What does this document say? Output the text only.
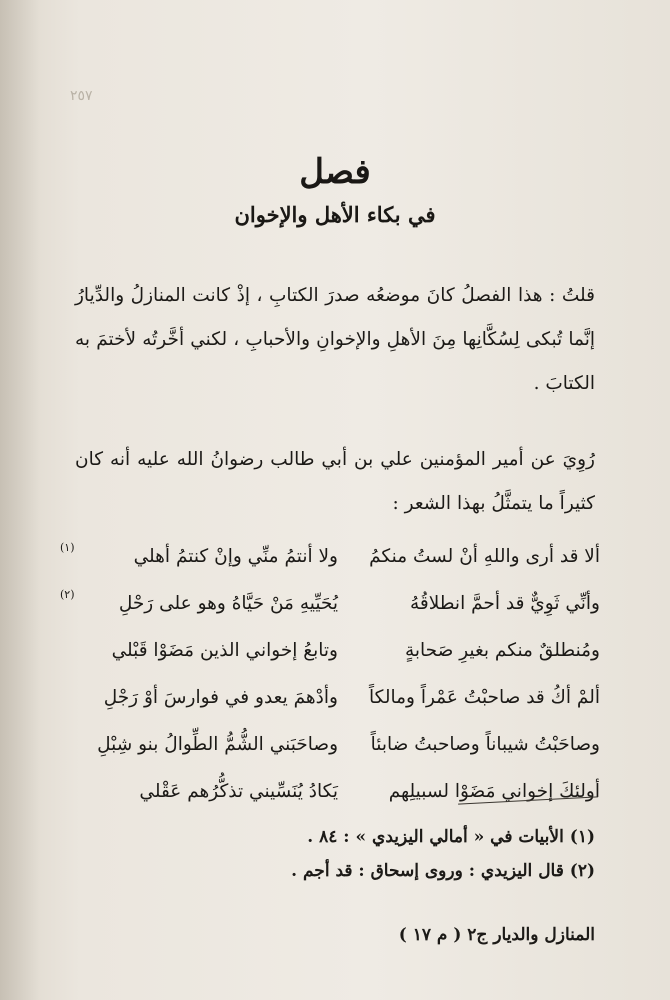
٢٥٧
فصل
في بكاء الأهل والإخوان
قلتُ : هذا الفصلُ كانَ موضعُه صدرَ الكتابِ ، إذْ كانت المنازلُ والدِّيارُ إنَّما تُبكى لِسُكَّانِها مِنَ الأهلِ والإخوانِ والأحبابِ ، لكني أخَّرتُه لأختمَ به الكتابَ .
رُوِيَ عن أمير المؤمنين علي بن أبي طالب رضوانُ الله عليه أنه كان كثيراً ما يتمثَّلُ بهذا الشعر :
ألا قد أرى واللهِ أنْ لستُ منكمُ
ولا أنتمُ منِّي وإنْ كنتمُ أهلي
(١)
وأنِّي ثَوِيٌّ قد أحمَّ انطلاقُهُ
يُحَيِّيهِ مَنْ حَيَّاهُ وهو على رَحْلِ
(٢)
ومُنطلقٌ منكم بغيرِ صَحابةٍ
وتابعُ إخواني الذين مَضَوْا قَبْلي
ألمْ أكُ قد صاحبْتُ عَمْراً ومالكاً
وأدْهمَ يعدو في فوارسَ أوْ رَجْلِ
وصاحَبْتُ شيباناً وصاحبتُ ضابئاً
وصاحَبَني الشُّمُّ الطِّوالُ بنو شِبْلِ
أولئكَ إخواني مَضَوْا لسبيلِهم
يَكادُ يُنَسِّيني تذكُّرُهم عَقْلي
(١) الأبيات في « أمالي اليزيدي » : ٨٤ .
(٢) قال اليزيدي : وروى إسحاق : قد أجم .
المنازل والديار ج٢ ( م ١٧ )
